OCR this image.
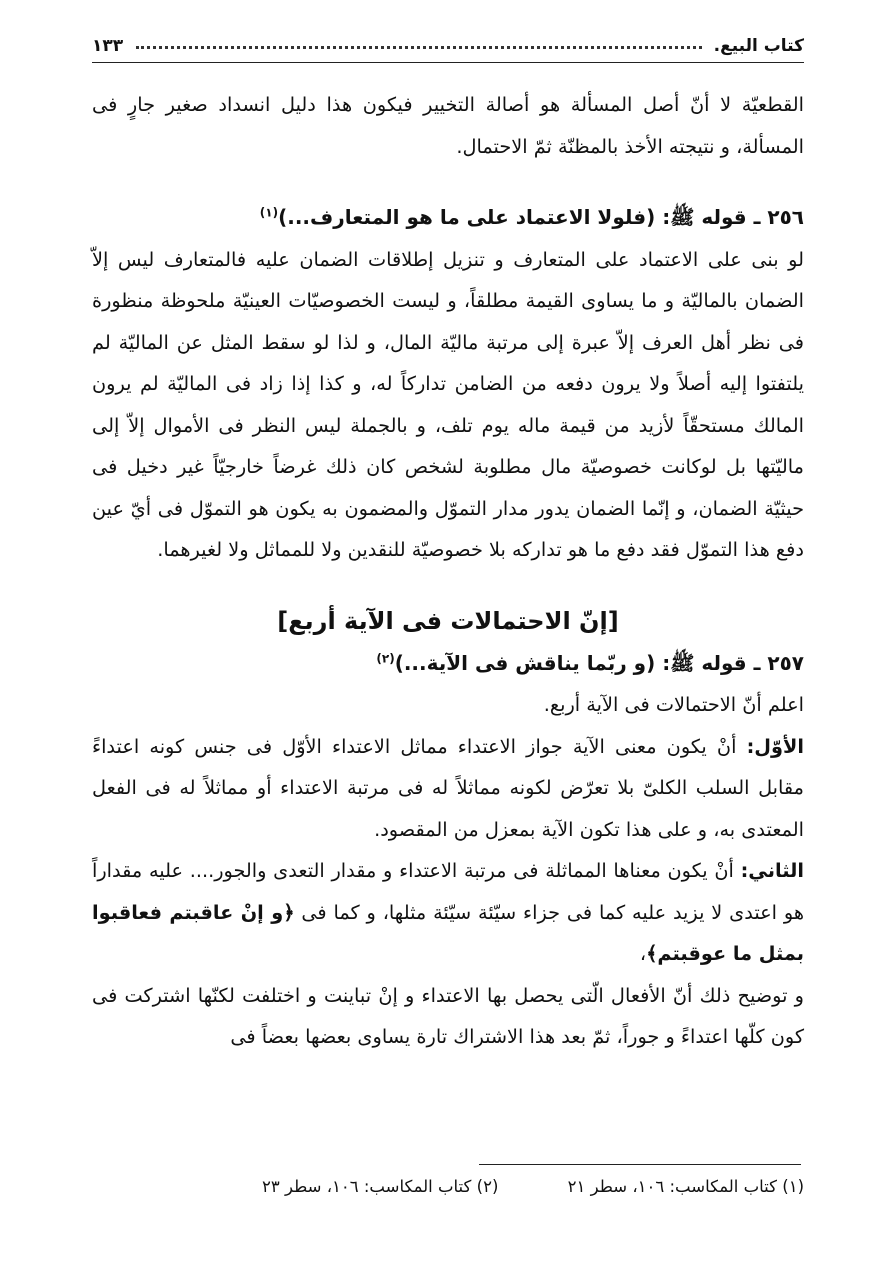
كتاب البيع.
١٣٣

القطعيّة لا أنّ أصل المسألة هو أصالة التخيير فيكون هذا دليل انسداد صغير جارٍ فى المسألة، و نتيجته الأخذ بالمظنّة ثمّ الاحتمال.

٢٥٦ ـ قوله ﷺ: (فلولا الاعتماد على ما هو المتعارف...)$^{(١)}$

لو بنى على الاعتماد على المتعارف و تنزيل إطلاقات الضمان عليه فالمتعارف ليس إلاّ الضمان بالماليّة و ما يساوى القيمة مطلقاً، و ليست الخصوصيّات العينيّة ملحوظة منظورة فى نظر أهل العرف إلاّ عبرة إلى مرتبة ماليّة المال، و لذا لو سقط المثل عن الماليّة لم يلتفتوا إليه أصلاً ولا يرون دفعه من الضامن تداركاً له، و كذا إذا زاد فى الماليّة لم يرون المالك مستحقّاً لأزيد من قيمة ماله يوم تلف، و بالجملة ليس النظر فى الأموال إلاّ إلى ماليّتها بل لوكانت خصوصيّة مال مطلوبة لشخص كان ذلك غرضاً خارجيّاً غير دخيل فى حيثيّة الضمان، و إنّما الضمان يدور مدار التموّل والمضمون به يكون هو التموّل فى أيّ عين دفع هذا التموّل فقد دفع ما هو تداركه بلا خصوصيّة للنقدين ولا للمماثل ولا لغيرهما.

[إنّ الاحتمالات فى الآية أربع]

٢٥٧ ـ قوله ﷺ: (و ربّما يناقش فى الآية...)$^{(٢)}$

اعلم أنّ الاحتمالات فى الآية أربع.

الأوّل: أنْ يكون معنى الآية جواز الاعتداء مماثل الاعتداء الأوّل فى جنس كونه اعتداءً مقابل السلب الكلىّ بلا تعرّض لكونه مماثلاً له فى مرتبة الاعتداء أو مماثلاً له فى الفعل المعتدى به، و على هذا تكون الآية بمعزل من المقصود.

الثاني: أنْ يكون معناها المماثلة فى مرتبة الاعتداء و مقدار التعدى والجور.... عليه مقداراً هو اعتدى لا يزيد عليه كما فى جزاء سيّئة سيّئة مثلها، و كما فى ﴿و إنْ عاقبتم فعاقبوا بمثل ما عوقبتم﴾،

و توضيح ذلك أنّ الأفعال الّتى يحصل بها الاعتداء و إنْ تباينت و اختلفت لكنّها اشتركت فى كون كلّها اعتداءً و جوراً، ثمّ بعد هذا الاشتراك تارة يساوى بعضها بعضاً فى

(١) كتاب المكاسب: ١٠٦، سطر ٢١ (٢) كتاب المكاسب: ١٠٦، سطر ٢٣
